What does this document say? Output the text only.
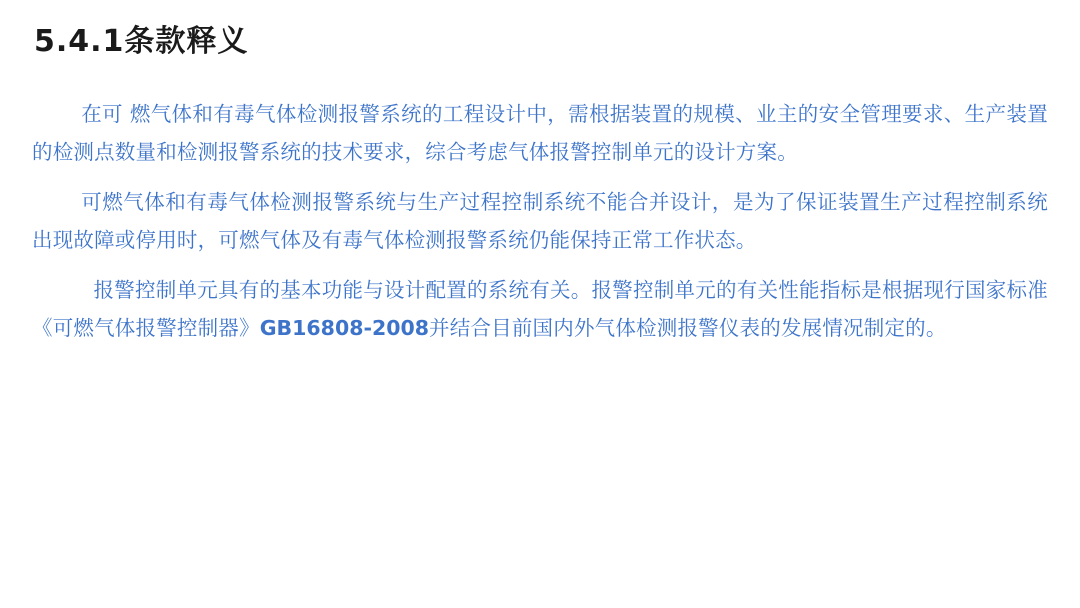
5.4.1条款释义

在可 燃气体和有毒气体检测报警系统的工程设计中，需根据装置的规模、业主的安全管理要求、生产装置的检测点数量和检测报警系统的技术要求，综合考虑气体报警控制单元的设计方案。

可燃气体和有毒气体检测报警系统与生产过程控制系统不能合并设计，是为了保证装置生产过程控制系统出现故障或停用时，可燃气体及有毒气体检测报警系统仍能保持正常工作状态。

报警控制单元具有的基本功能与设计配置的系统有关。报警控制单元的有关性能指标是根据现行国家标准《可燃气体报警控制器》GB16808-2008并结合目前国内外气体检测报警仪表的发展情况制定的。
